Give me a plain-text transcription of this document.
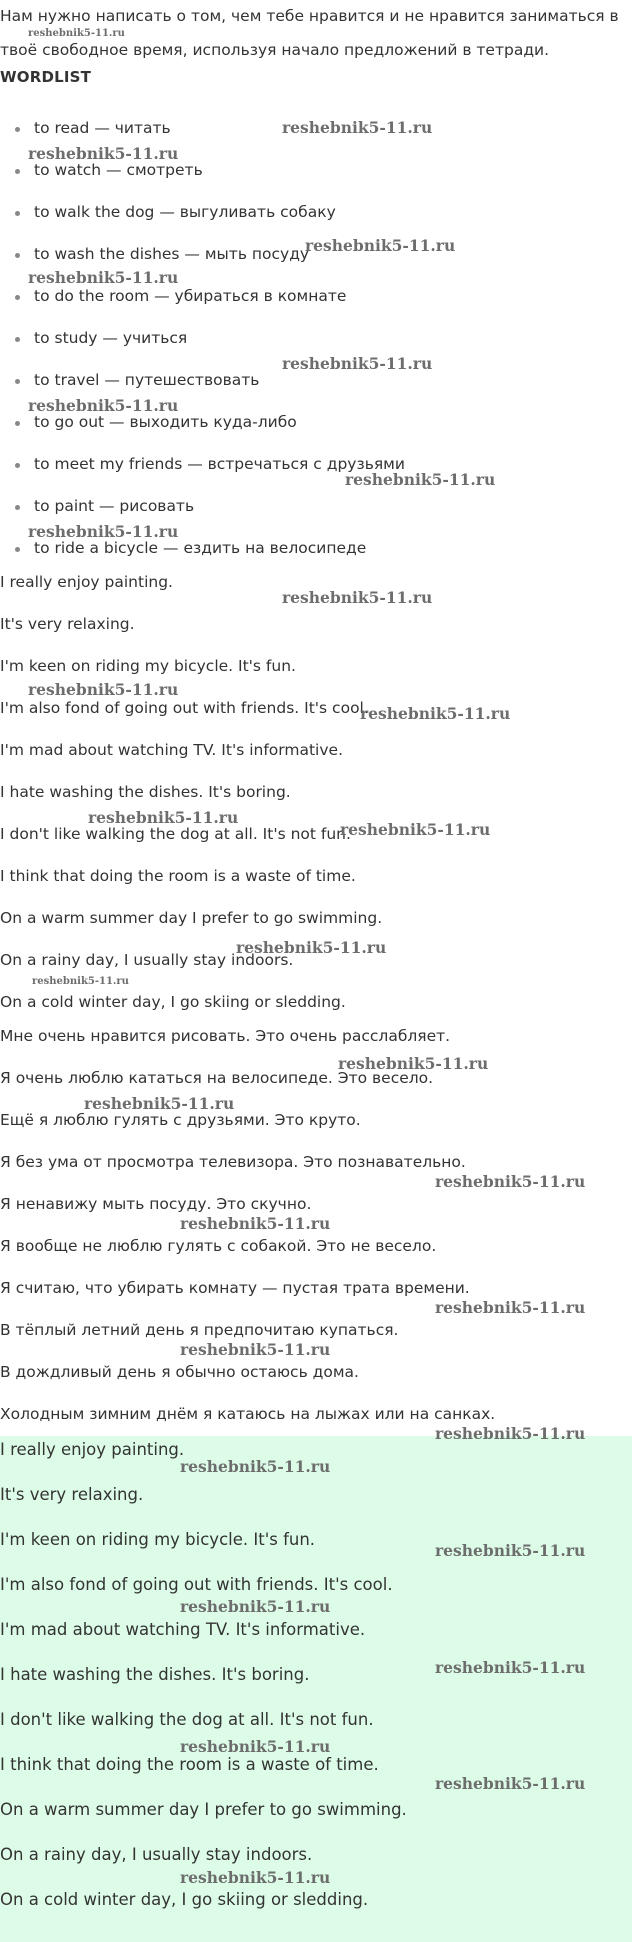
Нам нужно написать о том, чем тебе нравится и не нравится заниматься в

reshebnik5-11.ru

твоё свободное время, используя начало предложений в тетради.

WORDLIST

to read — читать
to watch — смотреть
to walk the dog — выгуливать собаку
to wash the dishes — мыть посуду
to do the room — убираться в комнате
to study — учиться
to travel — путешествовать
to go out — выходить куда-либо
to meet my friends — встречаться с друзьями
to paint — рисовать
to ride a bicycle — ездить на велосипеде

I really enjoy painting.

It's very relaxing.

I'm keen on riding my bicycle. It's fun.

I'm also fond of going out with friends. It's cool.

I'm mad about watching TV. It's informative.

I hate washing the dishes. It's boring.

I don't like walking the dog at all. It's not fun.

I think that doing the room is a waste of time.

On a warm summer day I prefer to go swimming.

On a rainy day, I usually stay indoors.

On a cold winter day, I go skiing or sledding.

Мне очень нравится рисовать. Это очень расслабляет.

Я очень люблю кататься на велосипеде. Это весело.

Ещё я люблю гулять с друзьями. Это круто.

Я без ума от просмотра телевизора. Это познавательно.

Я ненавижу мыть посуду. Это скучно.

Я вообще не люблю гулять с собакой. Это не весело.

Я считаю, что убирать комнату — пустая трата времени.

В тёплый летний день я предпочитаю купаться.

В дождливый день я обычно остаюсь дома.

Холодным зимним днём я катаюсь на лыжах или на санках.

I really enjoy painting.

It's very relaxing.

I'm keen on riding my bicycle. It's fun.

I'm also fond of going out with friends. It's cool.

I'm mad about watching TV. It's informative.

I hate washing the dishes. It's boring.

I don't like walking the dog at all. It's not fun.

I think that doing the room is a waste of time.

On a warm summer day I prefer to go swimming.

On a rainy day, I usually stay indoors.

On a cold winter day, I go skiing or sledding.

reshebnik5-11.ru
reshebnik5-11.ru
reshebnik5-11.ru
reshebnik5-11.ru
reshebnik5-11.ru
reshebnik5-11.ru
reshebnik5-11.ru
reshebnik5-11.ru
reshebnik5-11.ru
reshebnik5-11.ru
reshebnik5-11.ru
reshebnik5-11.ru
reshebnik5-11.ru
reshebnik5-11.ru
reshebnik5-11.ru
reshebnik5-11.ru
reshebnik5-11.ru
reshebnik5-11.ru
reshebnik5-11.ru
reshebnik5-11.ru
reshebnik5-11.ru
reshebnik5-11.ru
reshebnik5-11.ru
reshebnik5-11.ru
reshebnik5-11.ru
reshebnik5-11.ru
reshebnik5-11.ru
reshebnik5-11.ru
reshebnik5-11.ru
